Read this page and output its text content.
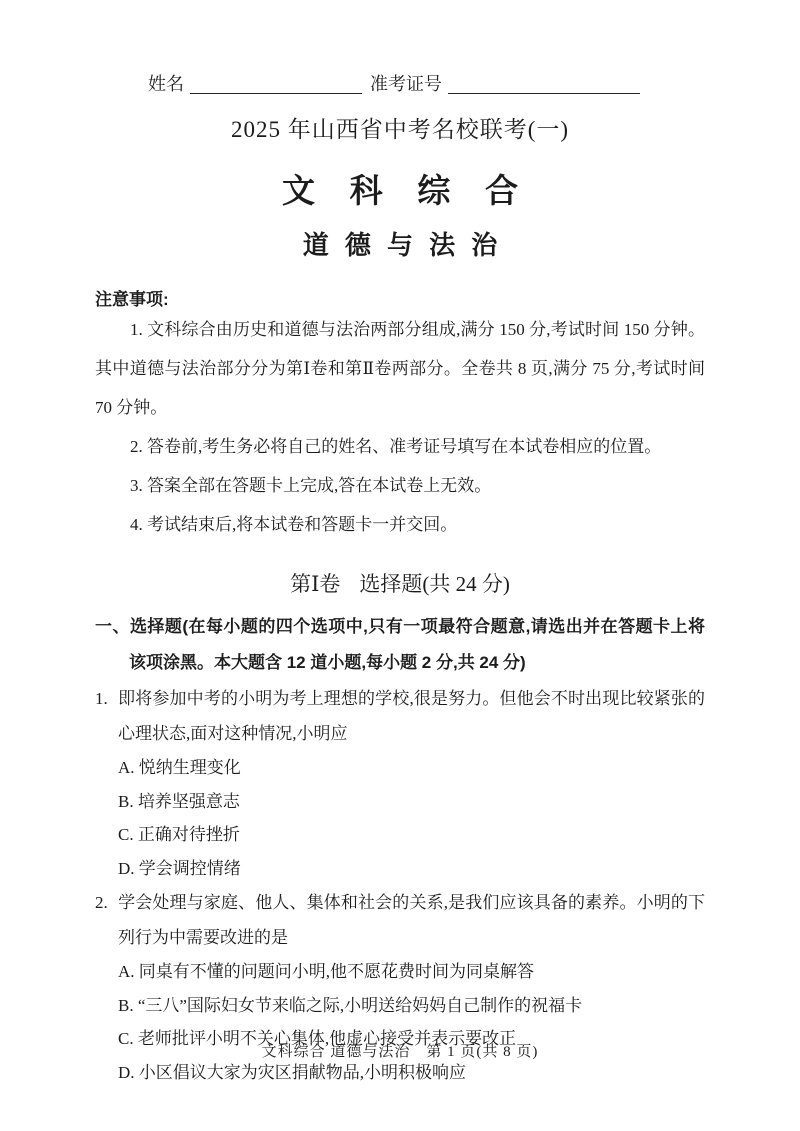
姓名	准考证号
2025 年山西省中考名校联考(一)
文科综合
道德与法治
注意事项:

1. 文科综合由历史和道德与法治两部分组成,满分 150 分,考试时间 150 分钟。其中道德与法治部分分为第Ⅰ卷和第Ⅱ卷两部分。全卷共 8 页,满分 75 分,考试时间 70 分钟。

2. 答卷前,考生务必将自己的姓名、准考证号填写在本试卷相应的位置。

3. 答案全部在答题卡上完成,答在本试卷上无效。

4. 考试结束后,将本试卷和答题卡一并交回。

第Ⅰ卷 选择题(共 24 分)

一、选择题(在每小题的四个选项中,只有一项最符合题意,请选出并在答题卡上将该项涂黑。本大题含 12 道小题,每小题 2 分,共 24 分)

1. 即将参加中考的小明为考上理想的学校,很是努力。但他会不时出现比较紧张的心理状态,面对这种情况,小明应

A. 悦纳生理变化

B. 培养坚强意志

C. 正确对待挫折

D. 学会调控情绪

2. 学会处理与家庭、他人、集体和社会的关系,是我们应该具备的素养。小明的下列行为中需要改进的是

A. 同桌有不懂的问题问小明,他不愿花费时间为同桌解答

B. “三八”国际妇女节来临之际,小明送给妈妈自己制作的祝福卡

C. 老师批评小明不关心集体,他虚心接受并表示要改正

D. 小区倡议大家为灾区捐献物品,小明积极响应

文科综合 道德与法治　第 1 页(共 8 页)
